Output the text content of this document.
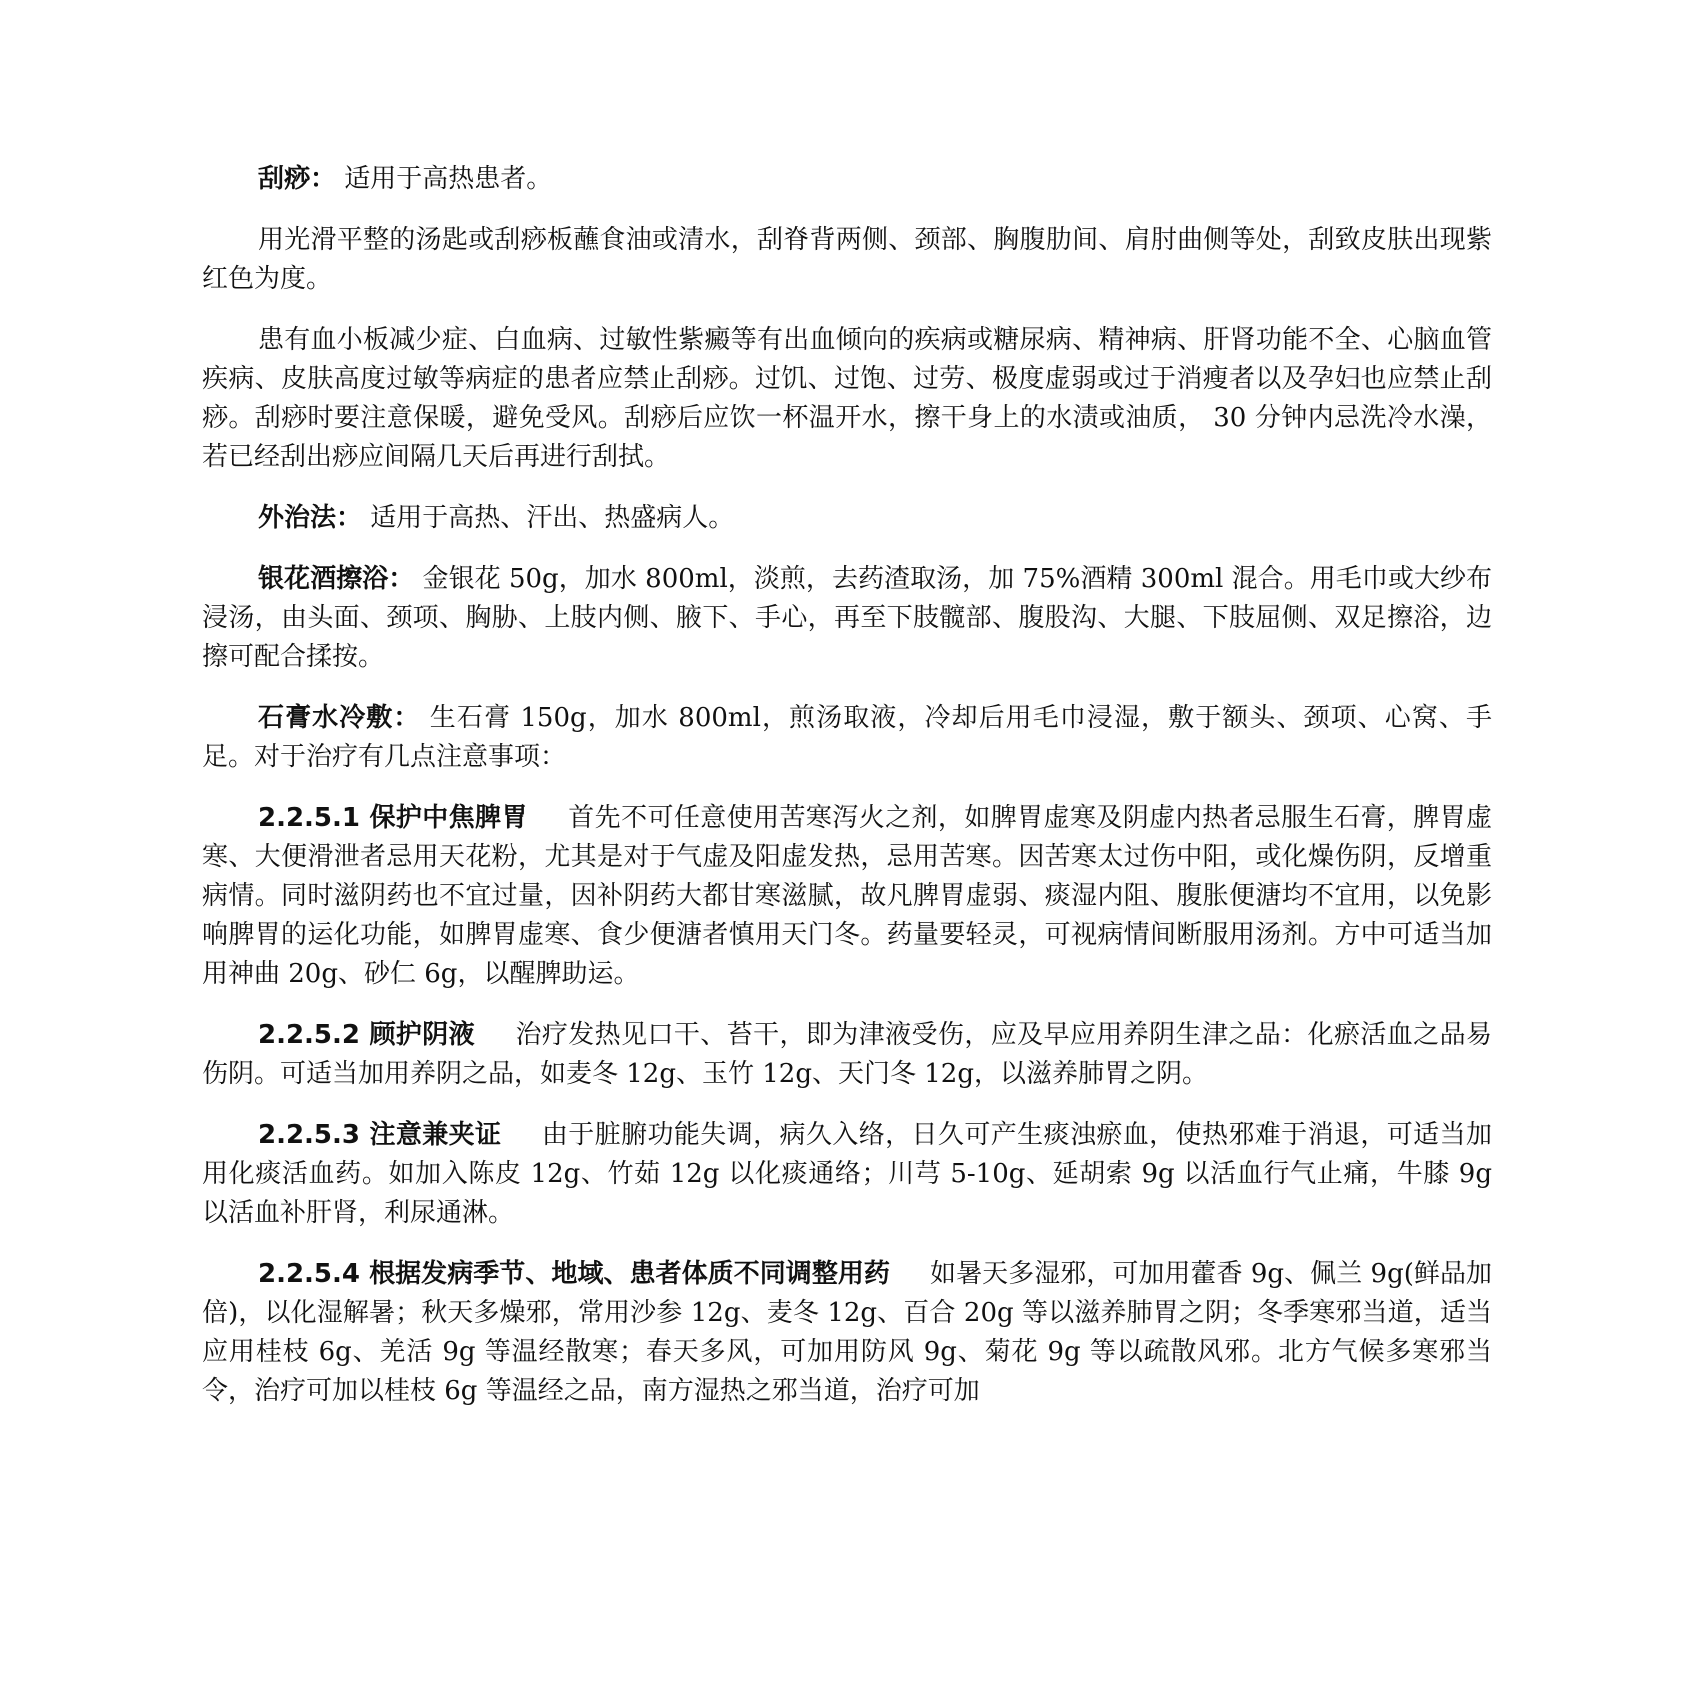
刮痧： 适用于高热患者。

用光滑平整的汤匙或刮痧板蘸食油或清水，刮脊背两侧、颈部、胸腹肋间、肩肘曲侧等处，刮致皮肤出现紫红色为度。

患有血小板减少症、白血病、过敏性紫癜等有出血倾向的疾病或糖尿病、精神病、肝肾功能不全、心脑血管疾病、皮肤高度过敏等病症的患者应禁止刮痧。过饥、过饱、过劳、极度虚弱或过于消瘦者以及孕妇也应禁止刮痧。刮痧时要注意保暖，避免受风。刮痧后应饮一杯温开水，擦干身上的水渍或油质， 30 分钟内忌洗冷水澡，若已经刮出痧应间隔几天后再进行刮拭。

外治法： 适用于高热、汗出、热盛病人。

银花酒擦浴： 金银花 50g，加水 800ml，淡煎，去药渣取汤，加 75%酒精 300ml 混合。用毛巾或大纱布浸汤，由头面、颈项、胸胁、上肢内侧、腋下、手心，再至下肢髋部、腹股沟、大腿、下肢屈侧、双足擦浴，边擦可配合揉按。

石膏水冷敷： 生石膏 150g，加水 800ml，煎汤取液，冷却后用毛巾浸湿，敷于额头、颈项、心窝、手足。对于治疗有几点注意事项：

2.2.5.1 保护中焦脾胃 首先不可任意使用苦寒泻火之剂，如脾胃虚寒及阴虚内热者忌服生石膏，脾胃虚寒、大便滑泄者忌用天花粉，尤其是对于气虚及阳虚发热，忌用苦寒。因苦寒太过伤中阳，或化燥伤阴，反增重病情。同时滋阴药也不宜过量，因补阴药大都甘寒滋腻，故凡脾胃虚弱、痰湿内阻、腹胀便溏均不宜用，以免影响脾胃的运化功能，如脾胃虚寒、食少便溏者慎用天门冬。药量要轻灵，可视病情间断服用汤剂。方中可适当加用神曲 20g、砂仁 6g，以醒脾助运。

2.2.5.2 顾护阴液 治疗发热见口干、苔干，即为津液受伤，应及早应用养阴生津之品：化瘀活血之品易伤阴。可适当加用养阴之品，如麦冬 12g、玉竹 12g、天门冬 12g，以滋养肺胃之阴。

2.2.5.3 注意兼夹证 由于脏腑功能失调，病久入络，日久可产生痰浊瘀血，使热邪难于消退，可适当加用化痰活血药。如加入陈皮 12g、竹茹 12g 以化痰通络；川芎 5-10g、延胡索 9g 以活血行气止痛，牛膝 9g 以活血补肝肾，利尿通淋。

2.2.5.4 根据发病季节、地域、患者体质不同调整用药 如暑天多湿邪，可加用藿香 9g、佩兰 9g(鲜品加倍)，以化湿解暑；秋天多燥邪，常用沙参 12g、麦冬 12g、百合 20g 等以滋养肺胃之阴；冬季寒邪当道，适当应用桂枝 6g、羌活 9g 等温经散寒；春天多风，可加用防风 9g、菊花 9g 等以疏散风邪。北方气候多寒邪当令，治疗可加以桂枝 6g 等温经之品，南方湿热之邪当道，治疗可加
